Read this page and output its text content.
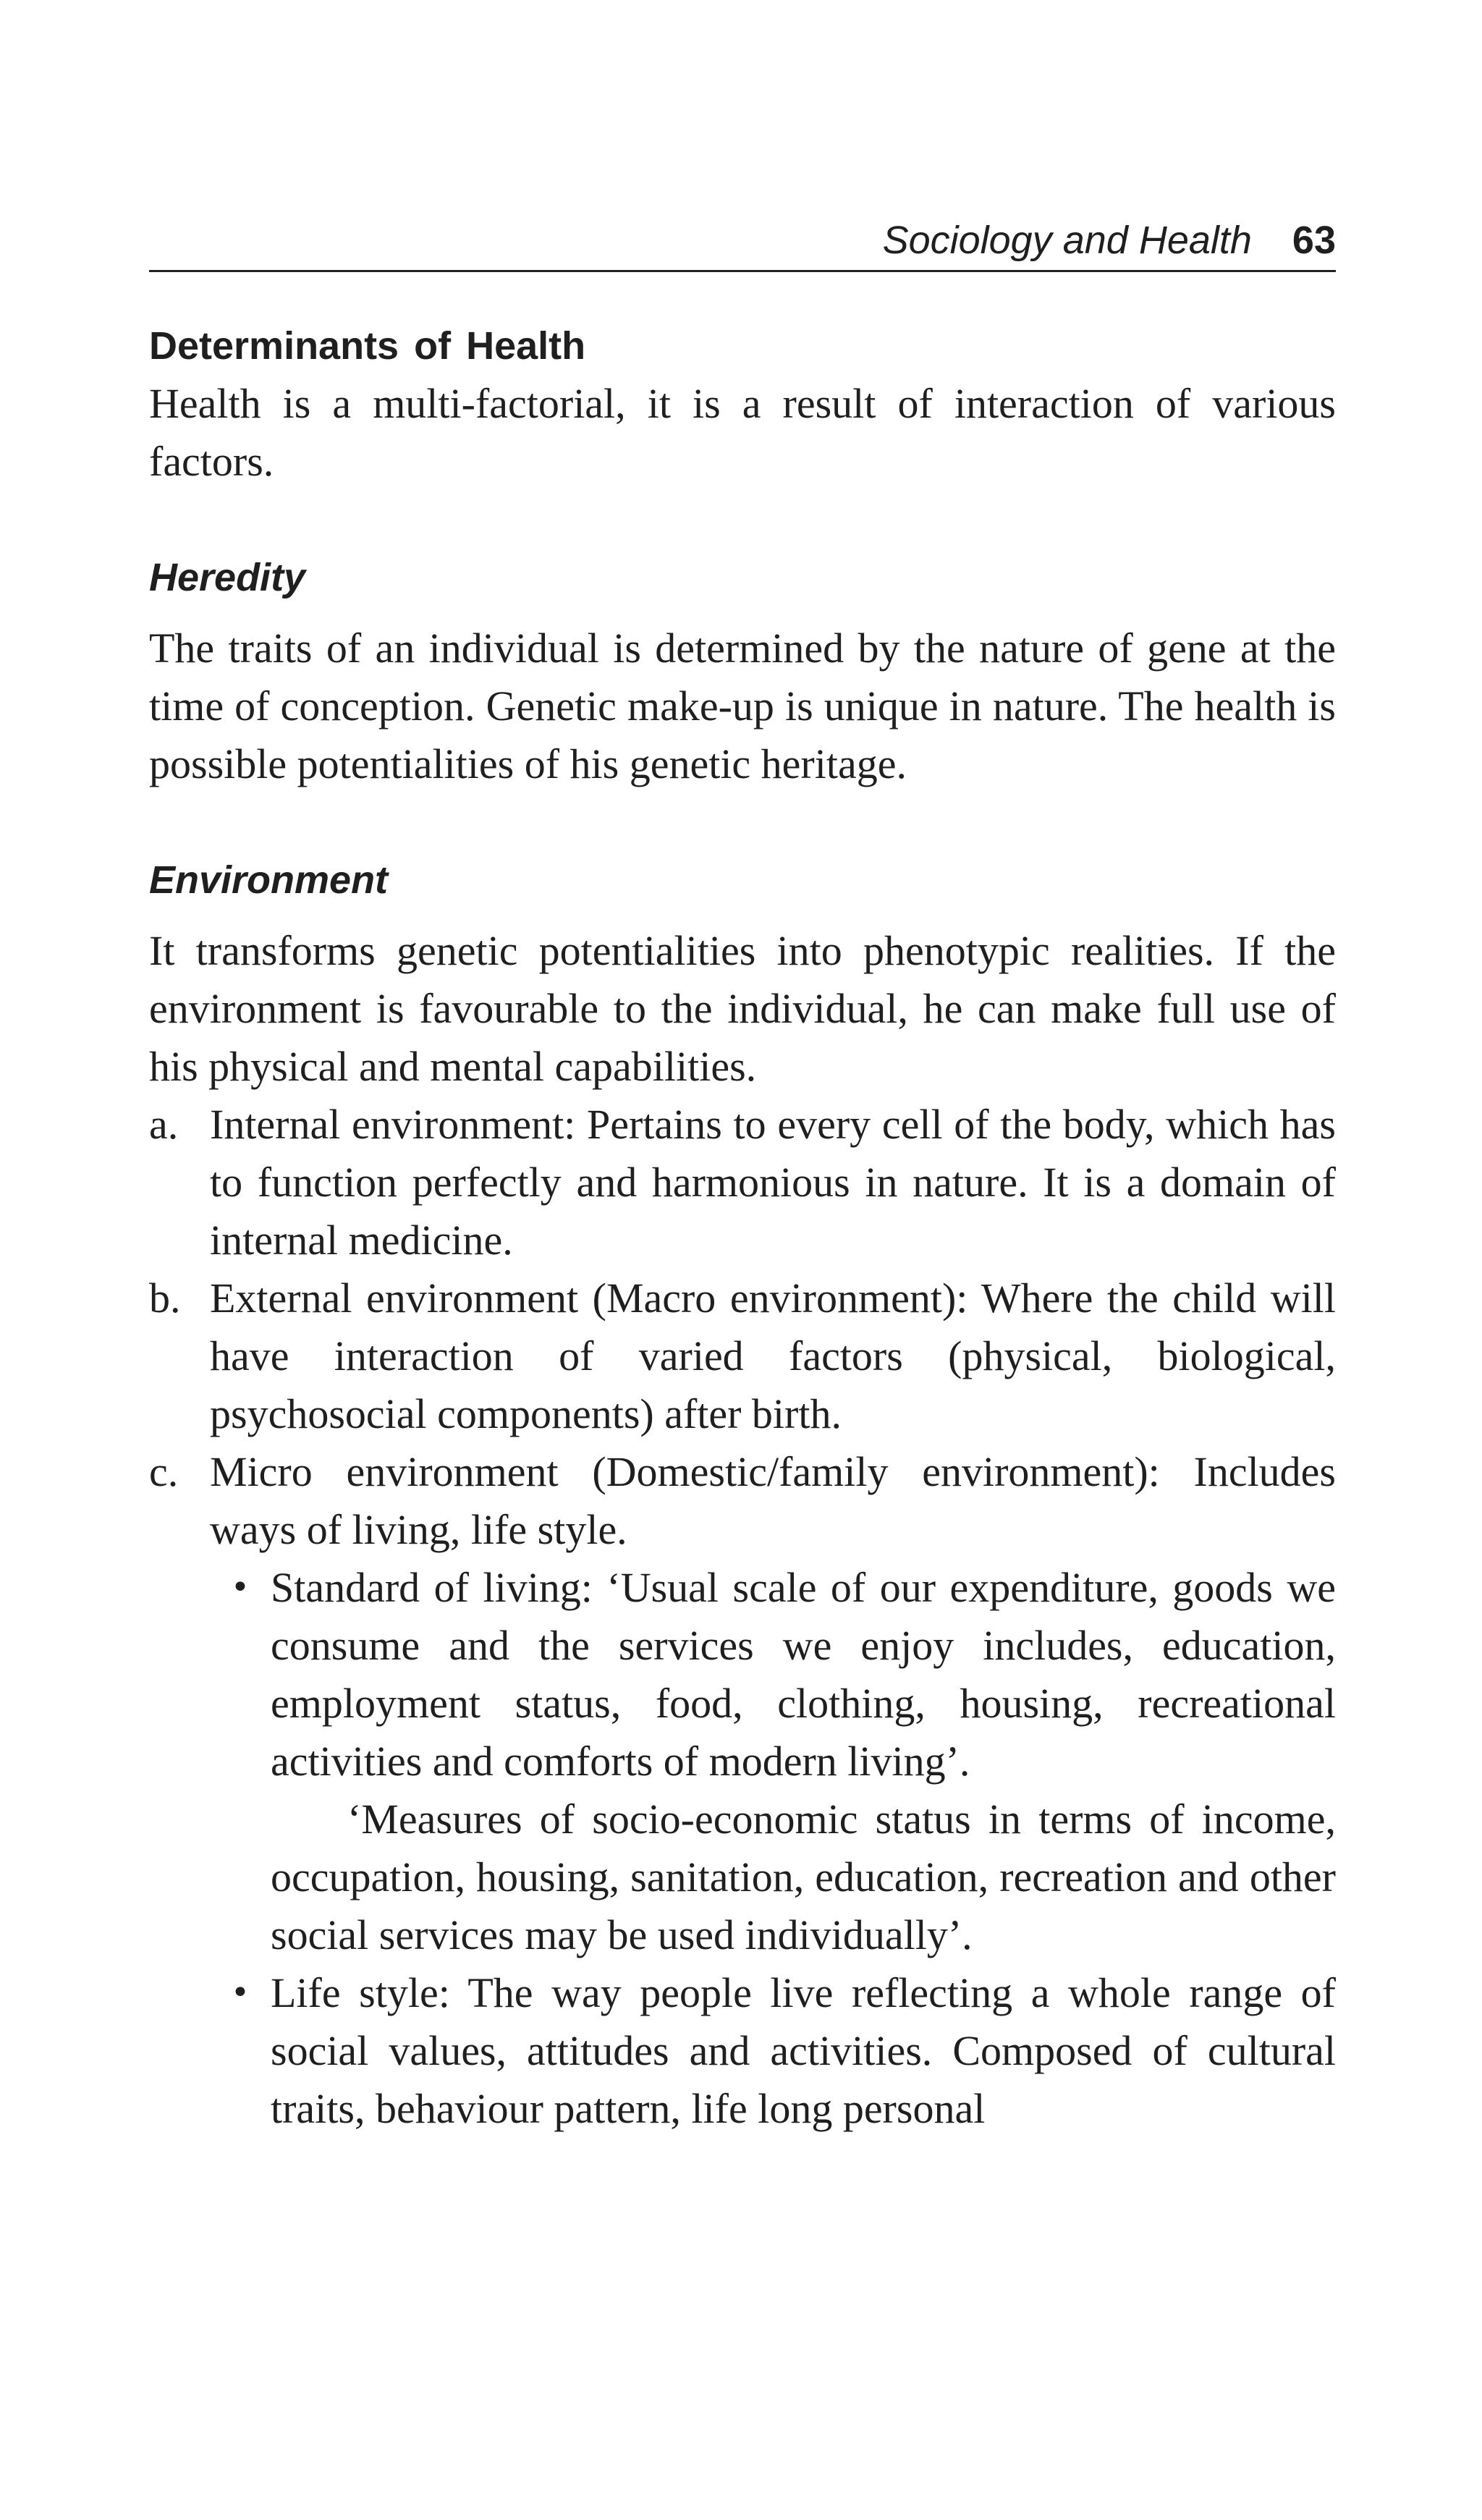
Sociology and Health 63
Determinants of Health

Health is a multi-factorial, it is a result of interaction of various factors.

Heredity

The traits of an individual is determined by the nature of gene at the time of conception. Genetic make-up is unique in nature. The health is possible potentialities of his genetic heritage.

Environment

It transforms genetic potentialities into phenotypic realities. If the environment is favourable to the individual, he can make full use of his physical and mental capabilities.

a. Internal environment: Pertains to every cell of the body, which has to function perfectly and harmonious in nature. It is a domain of internal medicine.
b. External environment (Macro environment): Where the child will have interaction of varied factors (physical, biological, psychosocial components) after birth.
c. Micro environment (Domestic/family environment): Includes ways of living, life style.
• Standard of living: ‘Usual scale of our expenditure, goods we consume and the services we enjoy includes, education, employment status, food, clothing, housing, recreational activities and comforts of modern living’.

‘Measures of socio-economic status in terms of income, occupation, housing, sanitation, education, recreation and other social services may be used individually’.

• Life style: The way people live reflecting a whole range of social values, attitudes and activities. Composed of cultural traits, behaviour pattern, life long personal
